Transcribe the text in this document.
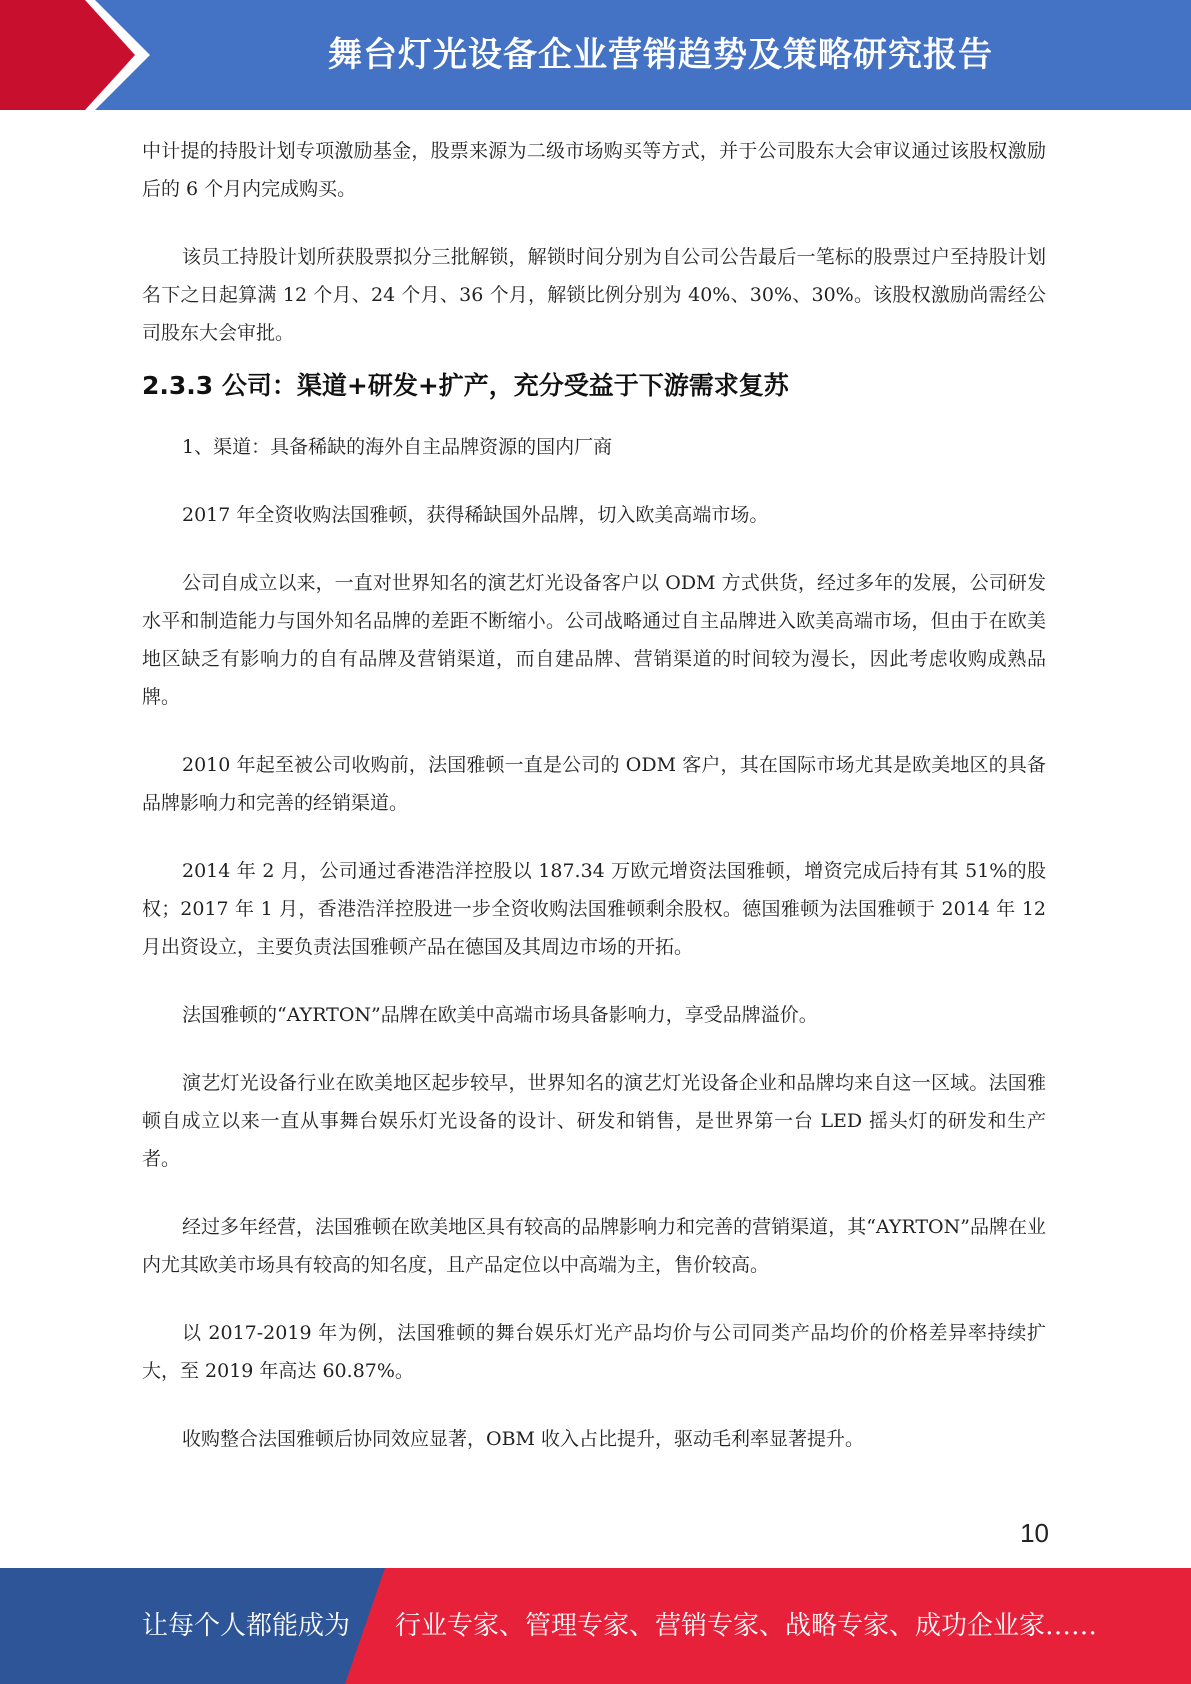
舞台灯光设备企业营销趋势及策略研究报告

中计提的持股计划专项激励基金，股票来源为二级市场购买等方式，并于公司股东大会审议通过该股权激励后的 6 个月内完成购买。

该员工持股计划所获股票拟分三批解锁，解锁时间分别为自公司公告最后一笔标的股票过户至持股计划名下之日起算满 12 个月、24 个月、36 个月，解锁比例分别为 40%、30%、30%。该股权激励尚需经公司股东大会审批。

2.3.3 公司：渠道+研发+扩产，充分受益于下游需求复苏

1、渠道：具备稀缺的海外自主品牌资源的国内厂商

2017 年全资收购法国雅顿，获得稀缺国外品牌，切入欧美高端市场。

公司自成立以来，一直对世界知名的演艺灯光设备客户以 ODM 方式供货，经过多年的发展，公司研发水平和制造能力与国外知名品牌的差距不断缩小。公司战略通过自主品牌进入欧美高端市场，但由于在欧美地区缺乏有影响力的自有品牌及营销渠道，而自建品牌、营销渠道的时间较为漫长，因此考虑收购成熟品牌。

2010 年起至被公司收购前，法国雅顿一直是公司的 ODM 客户，其在国际市场尤其是欧美地区的具备品牌影响力和完善的经销渠道。

2014 年 2 月，公司通过香港浩洋控股以 187.34 万欧元增资法国雅顿，增资完成后持有其 51%的股权；2017 年 1 月，香港浩洋控股进一步全资收购法国雅顿剩余股权。德国雅顿为法国雅顿于 2014 年 12 月出资设立，主要负责法国雅顿产品在德国及其周边市场的开拓。

法国雅顿的“AYRTON”品牌在欧美中高端市场具备影响力，享受品牌溢价。

演艺灯光设备行业在欧美地区起步较早，世界知名的演艺灯光设备企业和品牌均来自这一区域。法国雅顿自成立以来一直从事舞台娱乐灯光设备的设计、研发和销售，是世界第一台 LED 摇头灯的研发和生产者。

经过多年经营，法国雅顿在欧美地区具有较高的品牌影响力和完善的营销渠道，其“AYRTON”品牌在业内尤其欧美市场具有较高的知名度，且产品定位以中高端为主，售价较高。

以 2017-2019 年为例，法国雅顿的舞台娱乐灯光产品均价与公司同类产品均价的价格差异率持续扩大，至 2019 年高达 60.87%。

收购整合法国雅顿后协同效应显著，OBM 收入占比提升，驱动毛利率显著提升。

10
让每个人都能成为 行业专家、管理专家、营销专家、战略专家、成功企业家……
